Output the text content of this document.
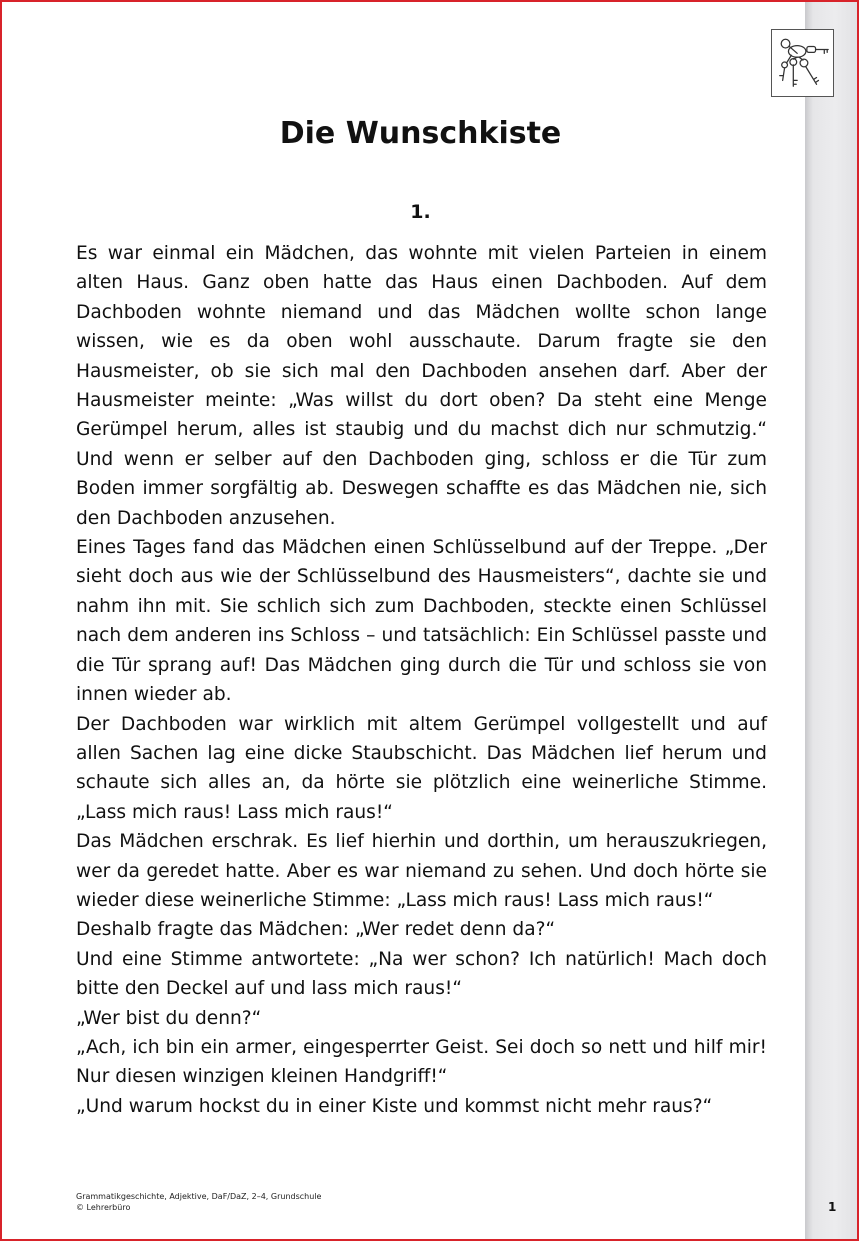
Die Wunschkiste
1.

Es war einmal ein Mädchen, das wohnte mit vielen Parteien in einem alten Haus. Ganz oben hatte das Haus einen Dachboden. Auf dem Dachboden wohnte niemand und das Mädchen wollte schon lange wissen, wie es da oben wohl ausschaute. Darum fragte sie den Hausmeister, ob sie sich mal den Dachboden ansehen darf. Aber der Hausmeister meinte: „Was willst du dort oben? Da steht eine Menge Gerümpel herum, alles ist staubig und du machst dich nur schmutzig.“ Und wenn er selber auf den Dachboden ging, schloss er die Tür zum Boden immer sorgfältig ab. Deswegen schaffte es das Mädchen nie, sich den Dachboden anzusehen.

Eines Tages fand das Mädchen einen Schlüsselbund auf der Treppe. „Der sieht doch aus wie der Schlüsselbund des Hausmeisters“, dachte sie und nahm ihn mit. Sie schlich sich zum Dachboden, steckte einen Schlüssel nach dem anderen ins Schloss – und tatsächlich: Ein Schlüssel passte und die Tür sprang auf! Das Mädchen ging durch die Tür und schloss sie von innen wieder ab.

Der Dachboden war wirklich mit altem Gerümpel vollgestellt und auf allen Sachen lag eine dicke Staubschicht. Das Mädchen lief herum und schaute sich alles an, da hörte sie plötzlich eine weinerliche Stimme. „Lass mich raus! Lass mich raus!“

Das Mädchen erschrak. Es lief hierhin und dorthin, um herauszukriegen, wer da geredet hatte. Aber es war niemand zu sehen. Und doch hörte sie wieder diese weinerliche Stimme: „Lass mich raus! Lass mich raus!“

Deshalb fragte das Mädchen: „Wer redet denn da?“

Und eine Stimme antwortete: „Na wer schon? Ich natürlich! Mach doch bitte den Deckel auf und lass mich raus!“

„Wer bist du denn?“

„Ach, ich bin ein armer, eingesperrter Geist. Sei doch so nett und hilf mir! Nur diesen winzigen kleinen Handgriff!“

„Und warum hockst du in einer Kiste und kommst nicht mehr raus?“

Grammatikgeschichte, Adjektive, DaF/DaZ, 2–4, Grundschule
© Lehrerbüro	1
